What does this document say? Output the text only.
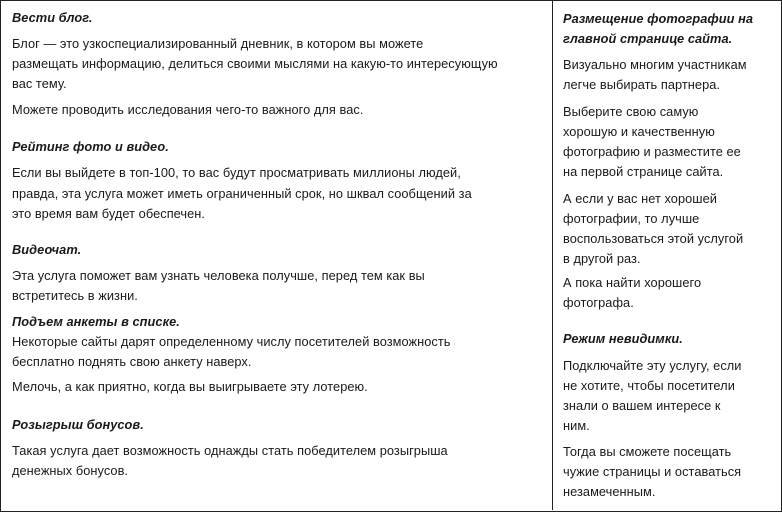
Вести блог.

Блог — это узкоспециализированный дневник, в котором вы можете

размещать информацию, делиться своими мыслями на какую-то интересующую

вас тему.

Можете проводить исследования чего-то важного для вас.

Рейтинг фото и видео.

Если вы выйдете в топ-100, то вас будут просматривать миллионы людей,

правда, эта услуга может иметь ограниченный срок, но шквал сообщений за

это время вам будет обеспечен.

Видеочат.

Эта услуга поможет вам узнать человека получше, перед тем как вы

встретитесь в жизни.

Подъем анкеты в списке.

Некоторые сайты дарят определенному числу посетителей возможность

бесплатно поднять свою анкету наверх.

Мелочь, а как приятно, когда вы выигрываете эту лотерею.

Розыгрыш бонусов.

Такая услуга дает возможность однажды стать победителем розыгрыша

денежных бонусов.

Размещение фотографии на

главной странице сайта.

Визуально многим участникам

легче выбирать партнера.

Выберите свою самую

хорошую и качественную

фотографию и разместите ее

на первой странице сайта.

А если у вас нет хорошей

фотографии, то лучше

воспользоваться этой услугой

в другой раз.

А пока найти хорошего

фотографа.

Режим невидимки.

Подключайте эту услугу, если

не хотите, чтобы посетители

знали о вашем интересе к

ним.

Тогда вы сможете посещать

чужие страницы и оставаться

незамеченным.
